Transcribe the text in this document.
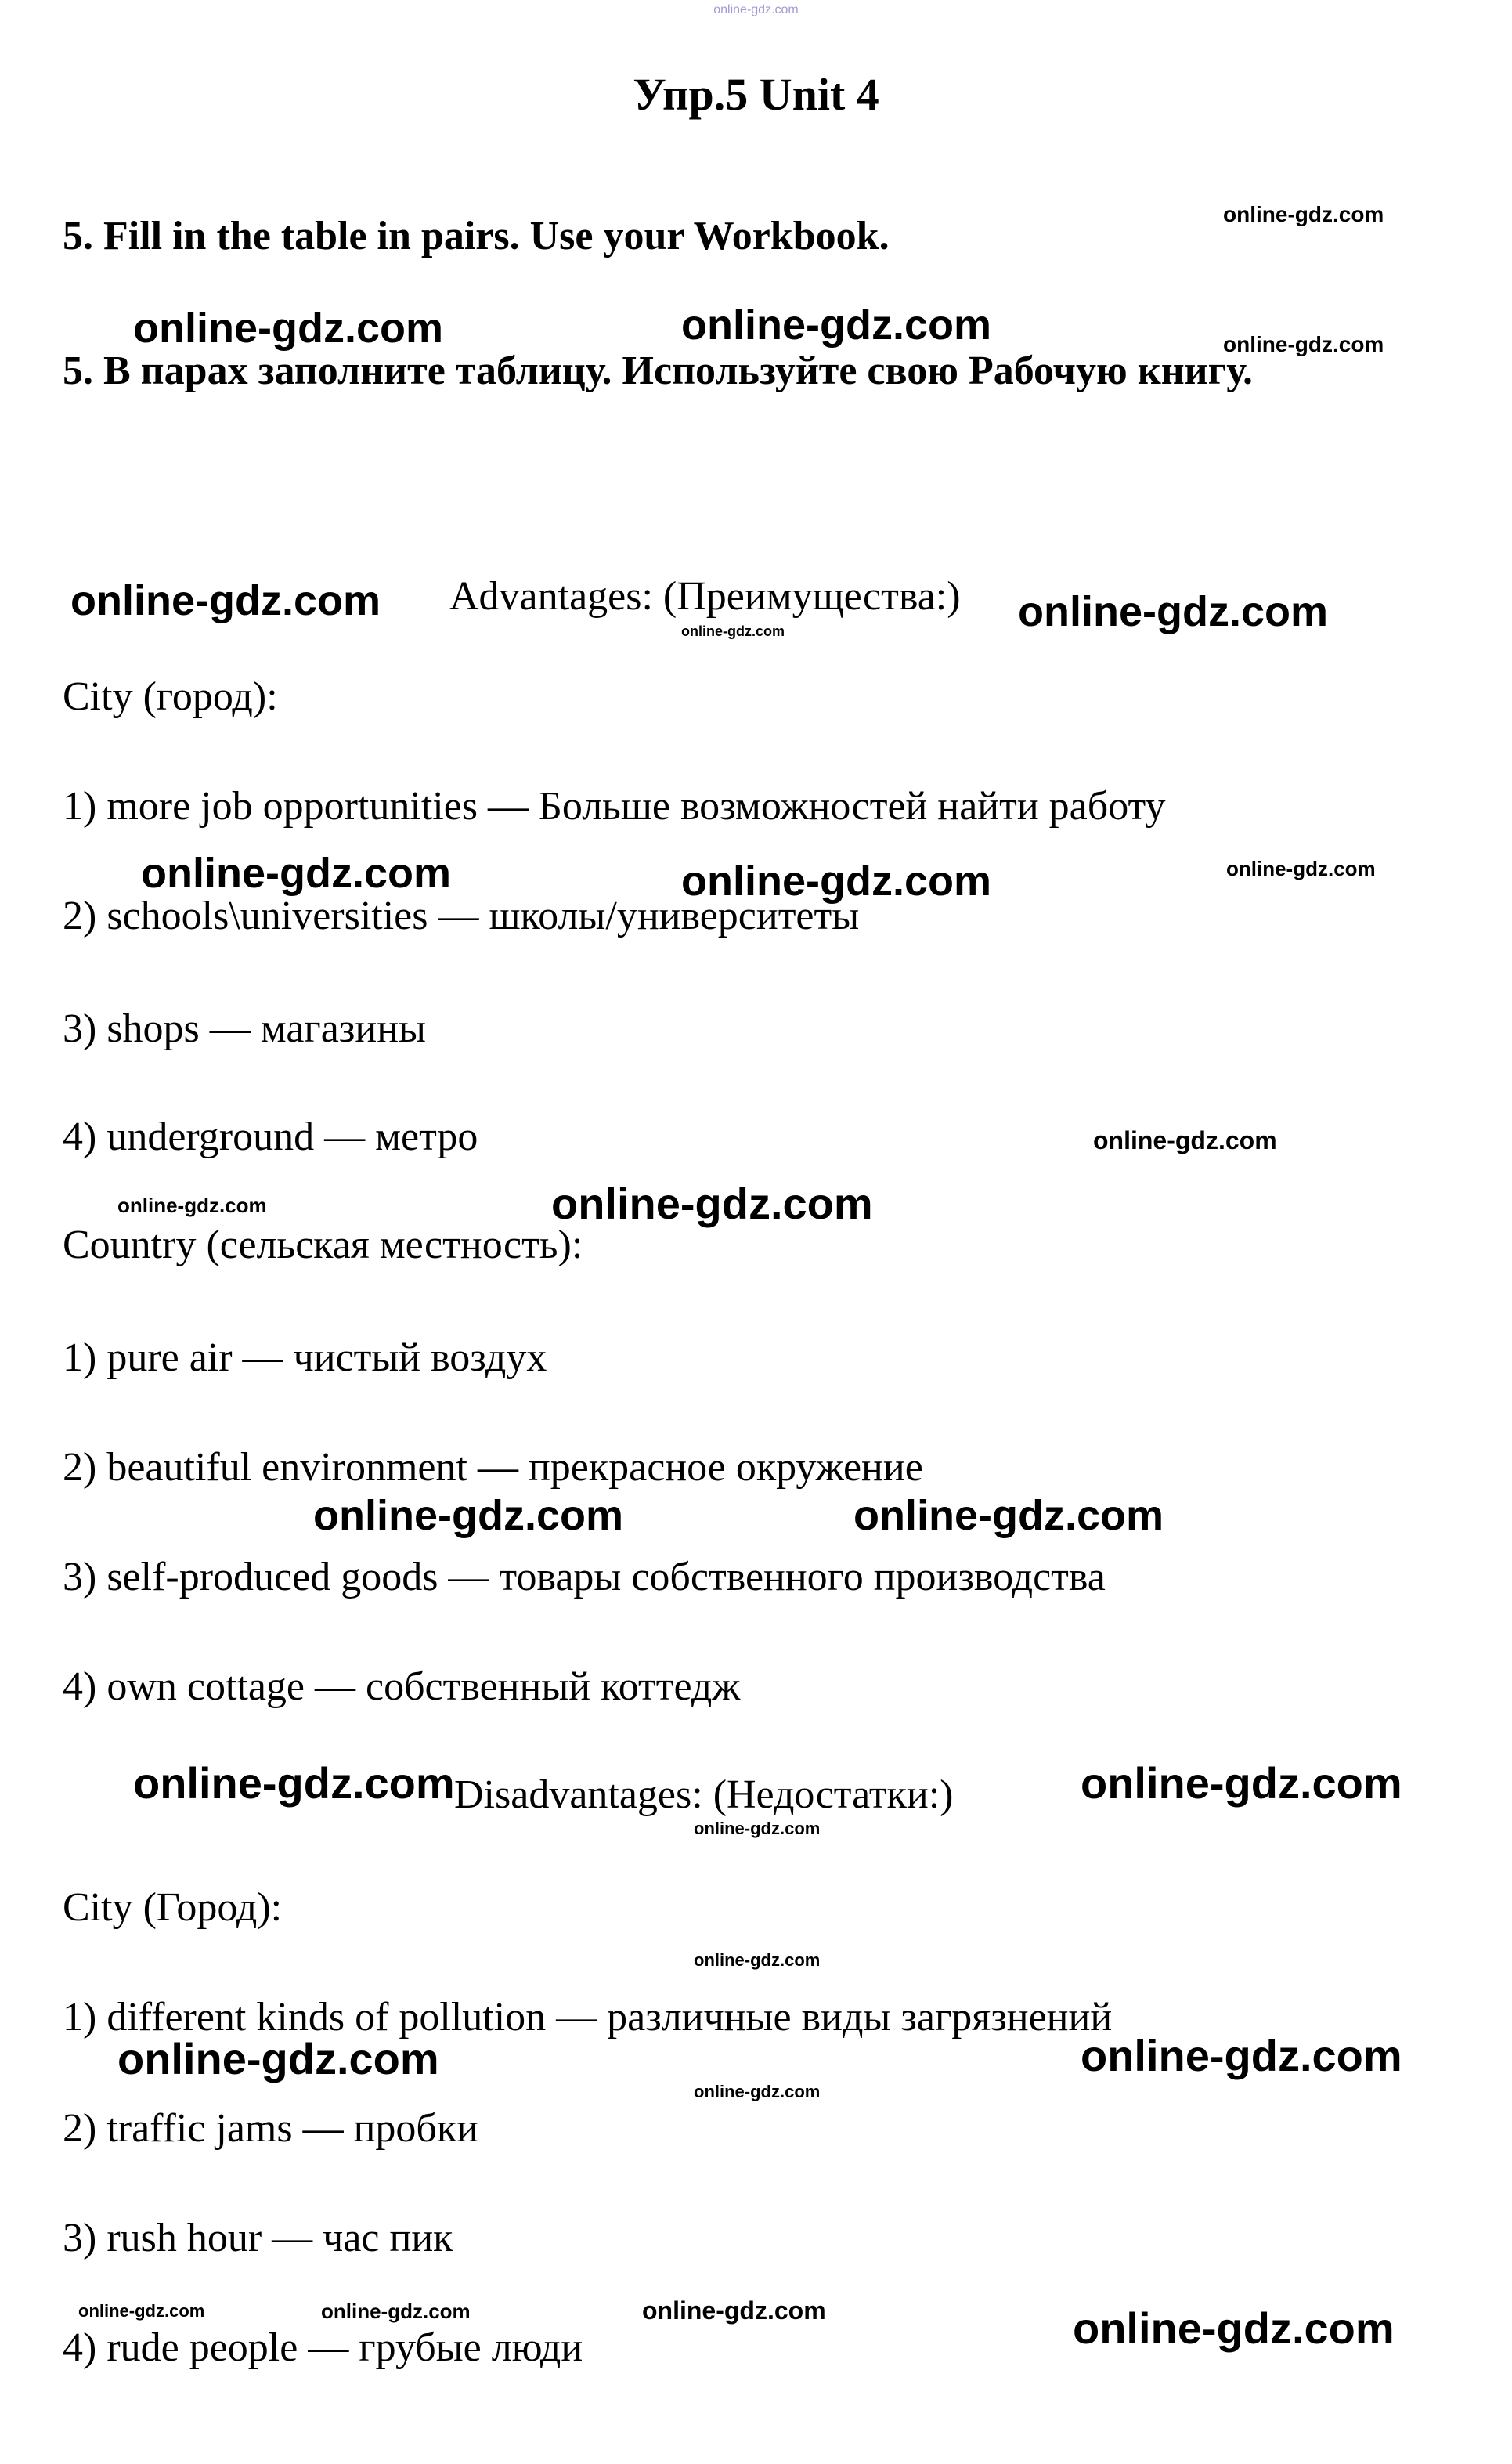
online-gdz.com
Упр.5 Unit 4
5. Fill in the table in pairs. Use your Workbook.	online-gdz.com
online-gdz.com	online-gdz.com
5. В парах заполните таблицу. Используйте свою Рабочую книгу.
online-gdz.com
online-gdz.com Advantages: (Преимущества:) online-gdz.com
online-gdz.com
City (город):
1) more job opportunities — Больше возможностей найти работу
online-gdz.com	online-gdz.com	online-gdz.com
2) schools\universities — школы/университеты
3) shops — магазины
4) underground — метро	online-gdz.com
online-gdz.com	online-gdz.com
Country (сельская местность):
1) pure air — чистый воздух
2) beautiful environment — прекрасное окружение
online-gdz.com	online-gdz.com
3) self-produced goods — товары собственного производства
4) own cottage — собственный коттедж
online-gdz.com Disadvantages: (Недостатки:)	online-gdz.com
online-gdz.com
City (Город):
online-gdz.com
1) different kinds of pollution — различные виды загрязнений
online-gdz.com	online-gdz.com
online-gdz.com
2) traffic jams — пробки
3) rush hour — час пик
online-gdz.com	online-gdz.com	online-gdz.com	online-gdz.com
4) rude people — грубые люди
